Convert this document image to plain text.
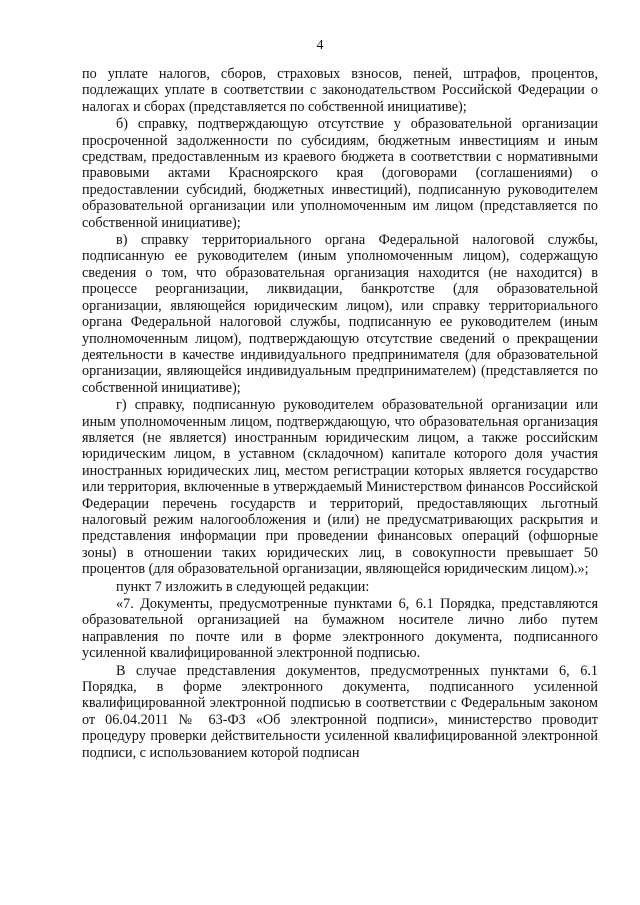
4

по уплате налогов, сборов, страховых взносов, пеней, штрафов, процентов, подлежащих уплате в соответствии с законодательством Российской Федерации о налогах и сборах (представляется по собственной инициативе);

б) справку, подтверждающую отсутствие у образовательной организации просроченной задолженности по субсидиям, бюджетным инвестициям и иным средствам, предоставленным из краевого бюджета в соответствии с нормативными правовыми актами Красноярского края (договорами (соглашениями) о предоставлении субсидий, бюджетных инвестиций), подписанную руководителем образовательной организации или уполномоченным им лицом (представляется по собственной инициативе);

в) справку территориального органа Федеральной налоговой службы, подписанную ее руководителем (иным уполномоченным лицом), содержащую сведения о том, что образовательная организация находится (не находится) в процессе реорганизации, ликвидации, банкротстве (для образовательной организации, являющейся юридическим лицом), или справку территориального органа Федеральной налоговой службы, подписанную ее руководителем (иным уполномоченным лицом), подтверждающую отсутствие сведений о прекращении деятельности в качестве индивидуального предпринимателя (для образовательной организации, являющейся индивидуальным предпринимателем) (представляется по собственной инициативе);

г) справку, подписанную руководителем образовательной организации или иным уполномоченным лицом, подтверждающую, что образовательная организация является (не является) иностранным юридическим лицом, а также российским юридическим лицом, в уставном (складочном) капитале которого доля участия иностранных юридических лиц, местом регистрации которых является государство или территория, включенные в утверждаемый Министерством финансов Российской Федерации перечень государств и территорий, предоставляющих льготный налоговый режим налогообложения и (или) не предусматривающих раскрытия и представления информации при проведении финансовых операций (офшорные зоны) в отношении таких юридических лиц, в совокупности превышает 50 процентов (для образовательной организации, являющейся юридическим лицом).»;

пункт 7 изложить в следующей редакции:

«7. Документы, предусмотренные пунктами 6, 6.1 Порядка, представляются образовательной организацией на бумажном носителе лично либо путем направления по почте или в форме электронного документа, подписанного усиленной квалифицированной электронной подписью.

В случае представления документов, предусмотренных пунктами 6, 6.1 Порядка, в форме электронного документа, подписанного усиленной квалифицированной электронной подписью в соответствии с Федеральным законом от 06.04.2011 № 63-ФЗ «Об электронной подписи», министерство проводит процедуру проверки действительности усиленной квалифицированной электронной подписи, с использованием которой подписан
